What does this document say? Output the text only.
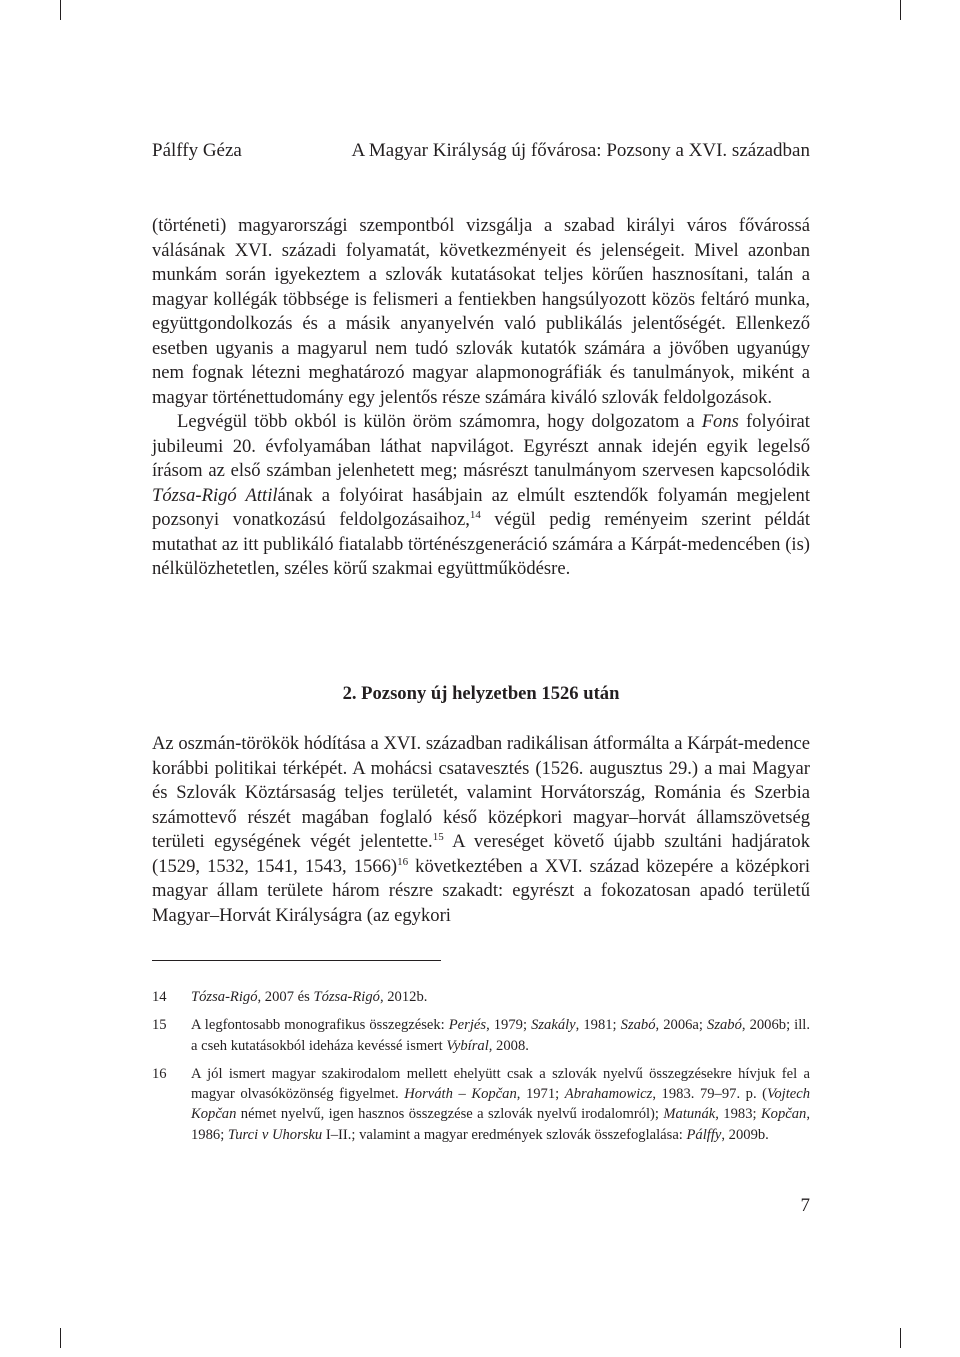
Pálffy Géza	A Magyar Királyság új fővárosa: Pozsony a XVI. században

(történeti) magyarországi szempontból vizsgálja a szabad királyi város fővárossá válásának XVI. századi folyamatát, következményeit és jelenségeit. Mivel azonban munkám során igyekeztem a szlovák kutatásokat teljes körűen hasznosítani, talán a magyar kollégák többsége is felismeri a fentiekben hangsúlyozott közös feltáró munka, együttgondolkozás és a másik anyanyelvén való publikálás jelentőségét. Ellenkező esetben ugyanis a magyarul nem tudó szlovák kutatók számára a jövőben ugyanúgy nem fognak létezni meghatározó magyar alapmonográfiák és tanulmányok, miként a magyar történettudomány egy jelentős része számára kiváló szlovák feldolgozások.

Legvégül több okból is külön öröm számomra, hogy dolgozatom a Fons folyóirat jubileumi 20. évfolyamában láthat napvilágot. Egyrészt annak idején egyik legelső írásom az első számban jelenhetett meg; másrészt tanulmányom szervesen kapcsolódik Tózsa-Rigó Attilának a folyóirat hasábjain az elmúlt esztendők folyamán megjelent pozsonyi vonatkozású feldolgozásaihoz,$^{14}$ végül pedig reményeim szerint példát mutathat az itt publikáló fiatalabb történészgeneráció számára a Kárpát-medencében (is) nélkülözhetetlen, széles körű szakmai együttműködésre.

2. Pozsony új helyzetben 1526 után

Az oszmán-törökök hódítása a XVI. században radikálisan átformálta a Kárpát-medence korábbi politikai térképét. A mohácsi csatavesztés (1526. augusztus 29.) a mai Magyar és Szlovák Köztársaság teljes területét, valamint Horvátország, Románia és Szerbia számottevő részét magában foglaló késő középkori magyar–horvát államszövetség területi egységének végét jelentette.$^{15}$ A vereséget követő újabb szultáni hadjáratok (1529, 1532, 1541, 1543, 1566)$^{16}$ következtében a XVI. század közepére a középkori magyar állam területe három részre szakadt: egyrészt a fokozatosan apadó területű Magyar–Horvát Királyságra (az egykori

14 Tózsa-Rigó, 2007 és Tózsa-Rigó, 2012b.
15 A legfontosabb monografikus összegzések: Perjés, 1979; Szakály, 1981; Szabó, 2006a; Szabó, 2006b; ill. a cseh kutatásokból ideháza kevéssé ismert Vybíral, 2008.
16 A jól ismert magyar szakirodalom mellett ehelyütt csak a szlovák nyelvű összegzésekre hívjuk fel a magyar olvasóközönség figyelmet. Horváth – Kopčan, 1971; Abrahamowicz, 1983. 79–97. p. (Vojtech Kopčan német nyelvű, igen hasznos összegzése a szlovák nyelvű irodalomról); Matunák, 1983; Kopčan, 1986; Turci v Uhorsku I–II.; valamint a magyar eredmények szlovák összefoglalása: Pálffy, 2009b.
7
